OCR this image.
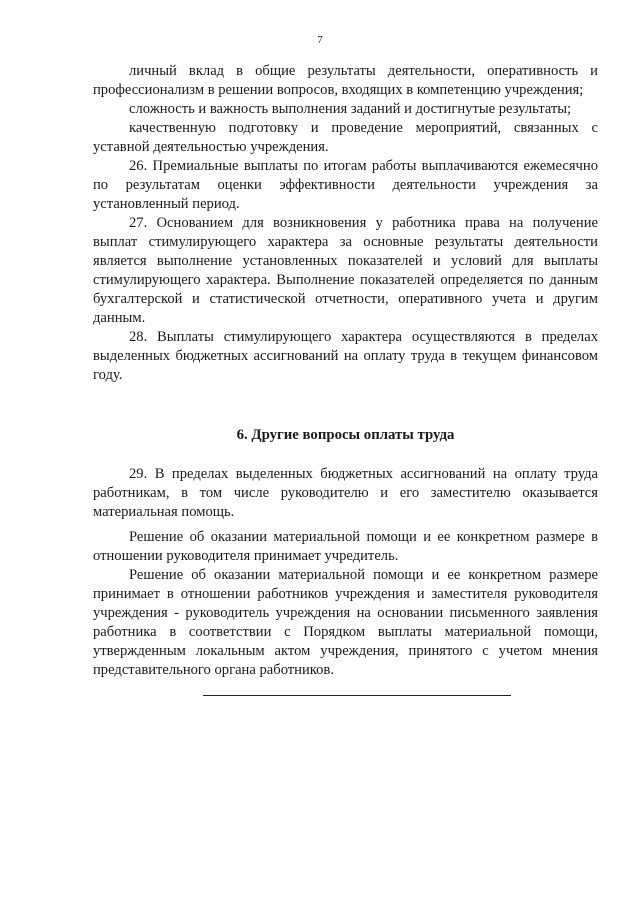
7

личный вклад в общие результаты деятельности, оперативность и профессионализм в решении вопросов, входящих в компетенцию учреждения;

сложность и важность выполнения заданий и достигнутые результаты;

качественную подготовку и проведение мероприятий, связанных с уставной деятельностью учреждения.

26. Премиальные выплаты по итогам работы выплачиваются ежемесячно по результатам оценки эффективности деятельности учреждения за установленный период.

27. Основанием для возникновения у работника права на получение выплат стимулирующего характера за основные результаты деятельности является выполнение установленных показателей и условий для выплаты стимулирующего характера. Выполнение показателей определяется по данным бухгалтерской и статистической отчетности, оперативного учета и другим данным.

28. Выплаты стимулирующего характера осуществляются в пределах выделенных бюджетных ассигнований на оплату труда в текущем финансовом году.

6. Другие вопросы оплаты труда

29. В пределах выделенных бюджетных ассигнований на оплату труда работникам, в том числе руководителю и его заместителю оказывается материальная помощь.

Решение об оказании материальной помощи и ее конкретном размере в отношении руководителя принимает учредитель.

Решение об оказании материальной помощи и ее конкретном размере принимает в отношении работников учреждения и заместителя руководителя учреждения - руководитель учреждения на основании письменного заявления работника в соответствии с Порядком выплаты материальной помощи, утвержденным локальным актом учреждения, принятого с учетом мнения представительного органа работников.
